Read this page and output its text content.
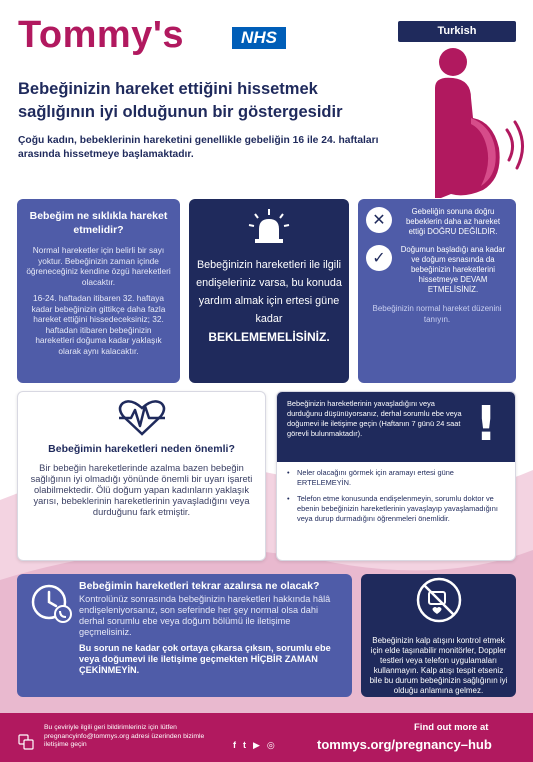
Tommy's	NHS	Turkish
Bebeğinizin hareket ettiğini hissetmek sağlığının iyi olduğunun bir göstergesidir
Çoğu kadın, bebeklerinin hareketini genellikle gebeliğin 16 ile 24. haftaları arasında hissetmeye başlamaktadır.
Bebeğim ne sıklıkla hareket etmelidir?

Normal hareketler için belirli bir sayı yoktur. Bebeğinizin zaman içinde öğreneceğiniz kendine özgü hareketleri olacaktır.

16-24. haftadan itibaren 32. haftaya kadar bebeğinizin gittikçe daha fazla hareket ettiğini hissedeceksiniz; 32. haftadan itibaren bebeğinizin hareketleri doğuma kadar yaklaşık olarak aynı kalacaktır.

Bebeğinizin hareketleri ile ilgili endişeleriniz varsa, bu konuda yardım almak için ertesi güne kadar
BEKLEMEMELİSİNİZ.
✕
Gebeliğin sonuna doğru bebeklerin daha az hareket ettiği DOĞRU DEĞİLDİR.
✓
Doğumun başladığı ana kadar ve doğum esnasında da bebeğinizin hareketlerini hissetmeye DEVAM ETMELİSİNİZ.
Bebeğinizin normal hareket düzenini tanıyın.
Bebeğimin hareketleri neden önemli?

Bir bebeğin hareketlerinde azalma bazen bebeğin sağlığının iyi olmadığı yönünde önemli bir uyarı işareti olabilmektedir. Ölü doğum yapan kadınların yaklaşık yarısı, bebeklerinin hareketlerinin yavaşladığını veya durduğunu fark etmiştir.

Bebeğinizin hareketlerinin yavaşladığını veya durduğunu düşünüyorsanız, derhal sorumlu ebe veya doğumevi ile iletişime geçin (Haftanın 7 günü 24 saat görevli bulunmaktadır).	!
• Neler olacağını görmek için aramayı ertesi güne ERTELEMEYİN.
• Telefon etme konusunda endişelenmeyin, sorumlu doktor ve ebenin bebeğinizin hareketlerinin yavaşlayıp yavaşlamadığını veya durup durmadığını öğrenmeleri önemlidir.
Bebeğimin hareketleri tekrar azalırsa ne olacak?

Kontrolünüz sonrasında bebeğinizin hareketleri hakkında hâlâ endişeleniyorsanız, son seferinde her şey normal olsa dahi derhal sorumlu ebe veya doğum bölümü ile iletişime geçmelisiniz.

Bu sorun ne kadar çok ortaya çıkarsa çıksın, sorumlu ebe veya doğumevi ile iletişime geçmekten HİÇBİR ZAMAN ÇEKİNMEYİN.

Bebeğinizin kalp atışını kontrol etmek için elde taşınabilir monitörler, Doppler testleri veya telefon uygulamaları kullanmayın. Kalp atışı tespit etseniz bile bu durum bebeğinizin sağlığının iyi olduğu anlamına gelmez.

Bu çeviriyle ilgili geri bildirimleriniz için lütfen pregnancyinfo@tommys.org adresi üzerinden bizimle iletişime geçin
Find out more at
f t ▶ ◎	tommys.org/pregnancy–hub
